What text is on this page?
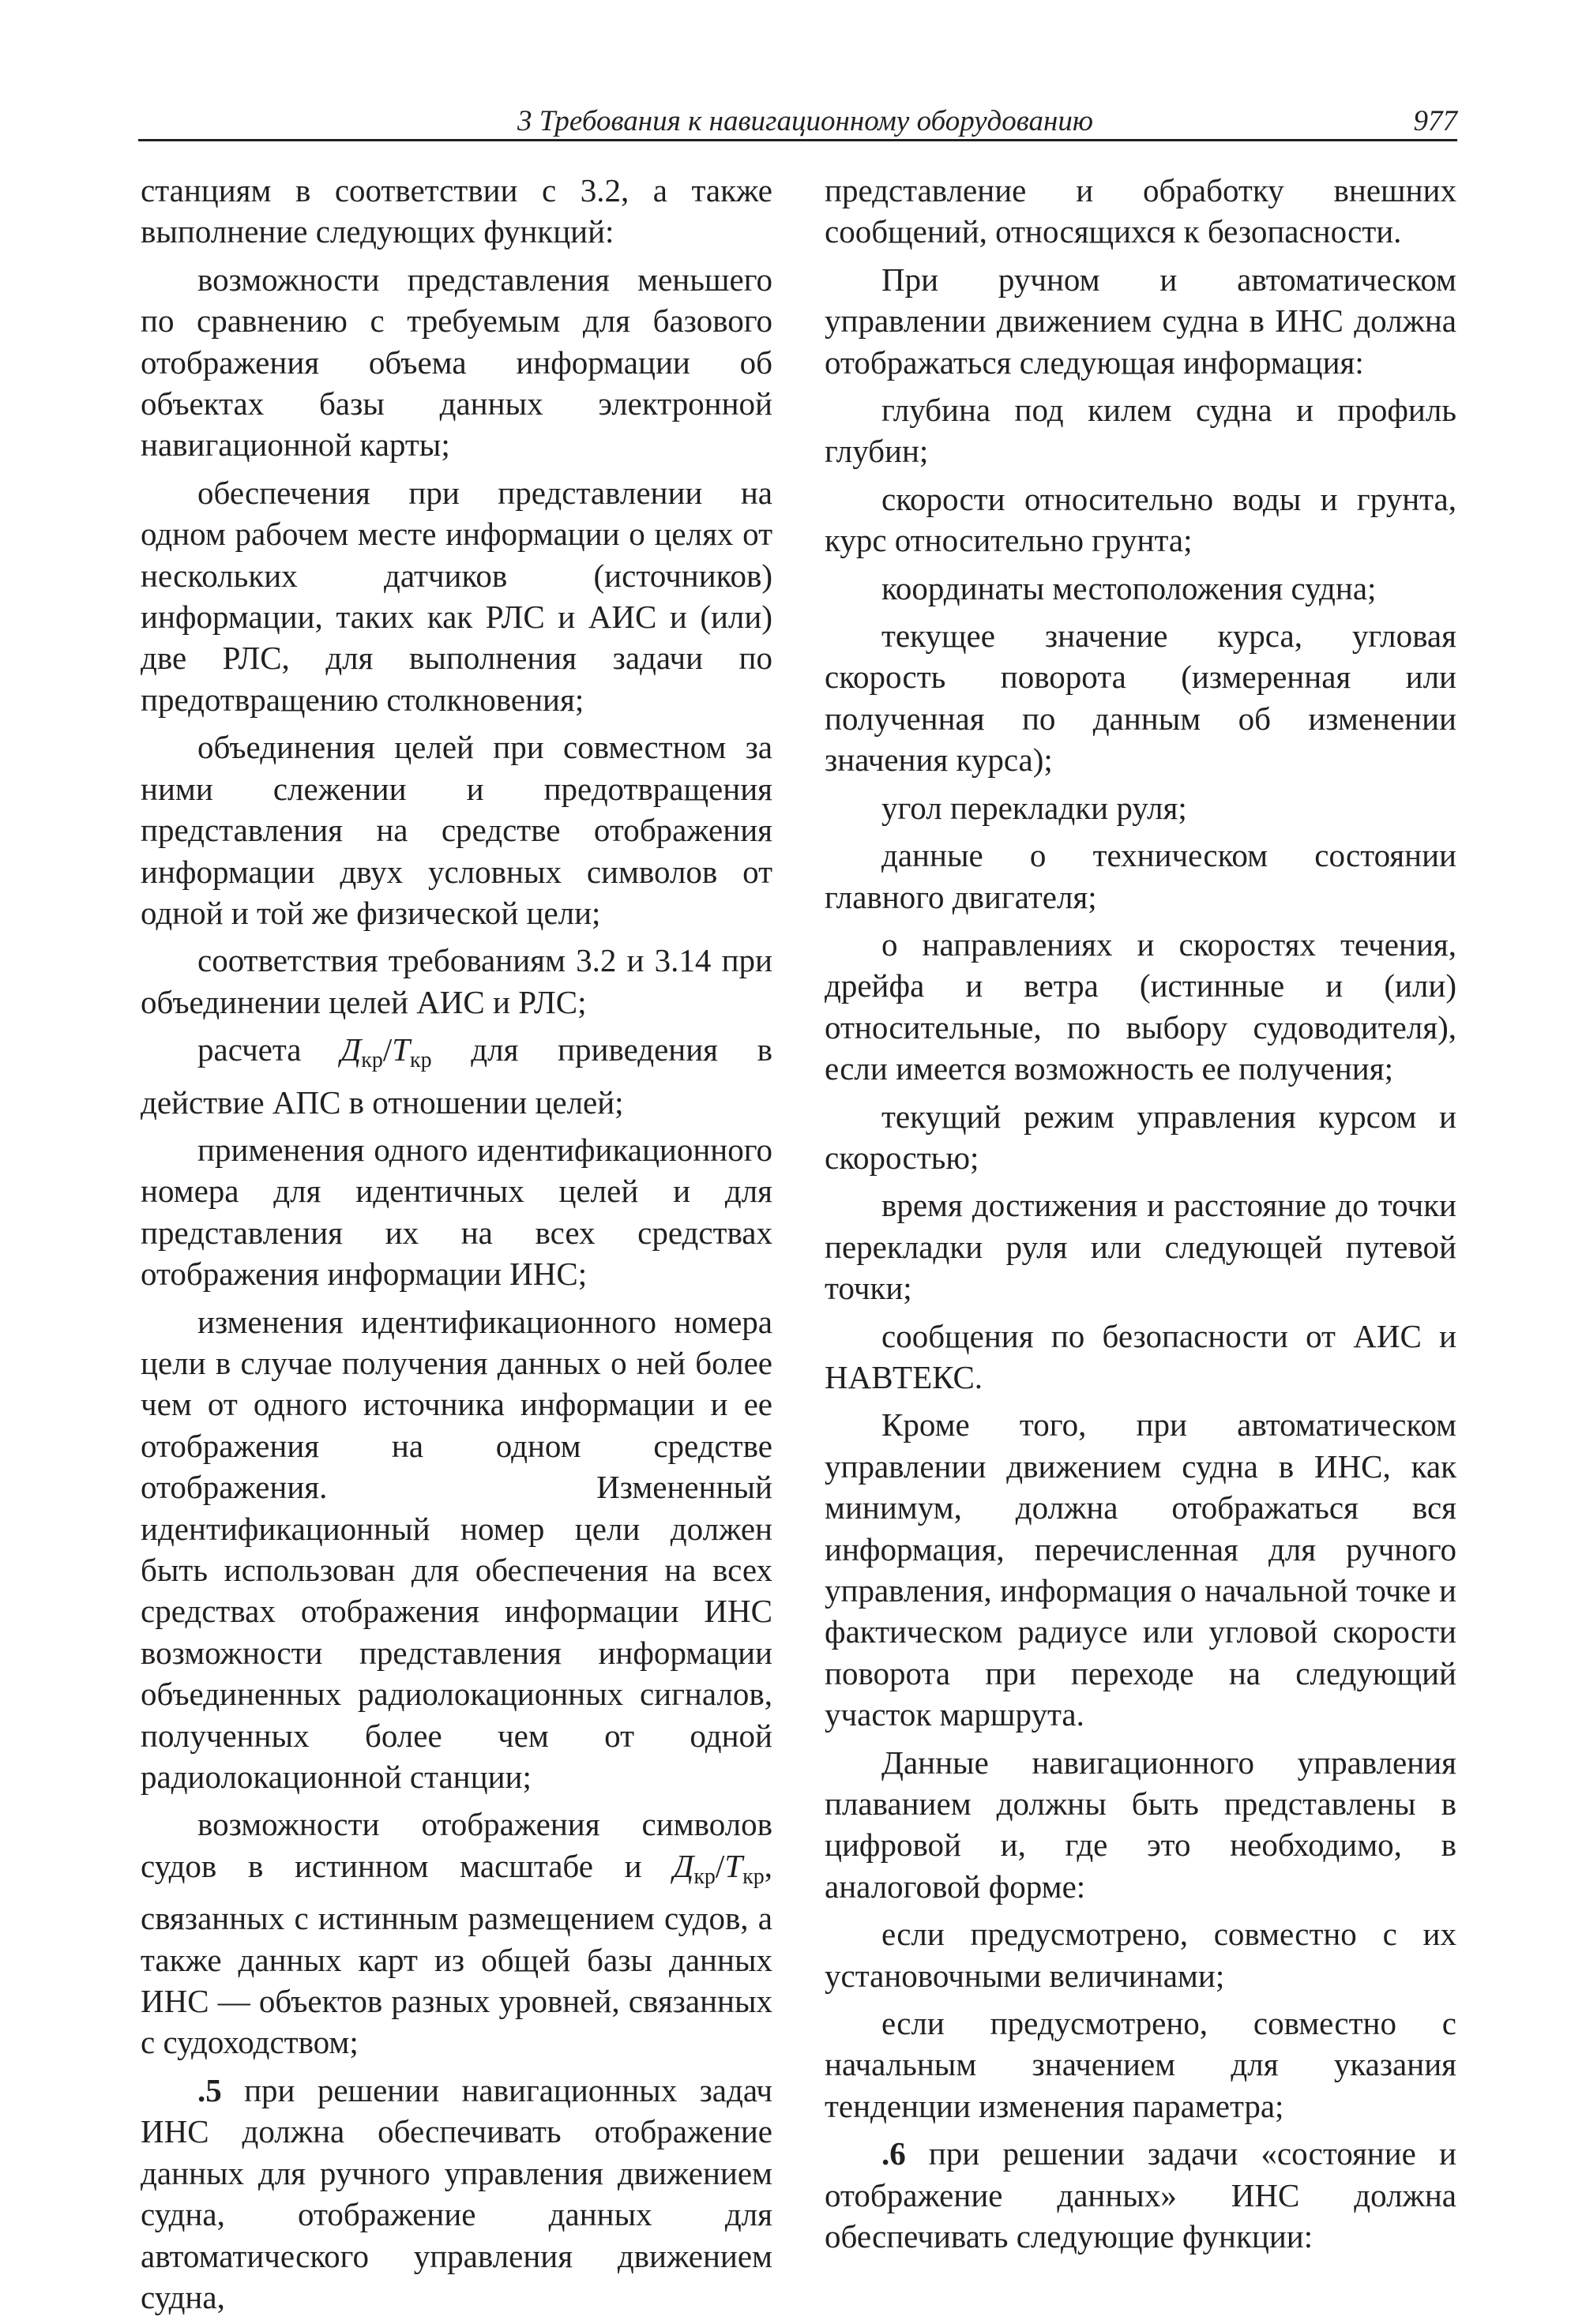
3 Требования к навигационному оборудованию	977

станциям в соответствии с 3.2, а также выполнение следующих функций:

возможности представления меньшего по сравнению с требуемым для базового отображения объема информации об объектах базы данных электронной навигационной карты;

обеспечения при представлении на одном рабочем месте информации о целях от нескольких датчиков (источников) информации, таких как РЛС и АИС и (или) две РЛС, для выполнения задачи по предотвращению столкновения;

объединения целей при совместном за ними слежении и предотвращения представления на средстве отображения информации двух условных символов от одной и той же физической цели;

соответствия требованиям 3.2 и 3.14 при объединении целей АИС и РЛС;

расчета $Д_{кр}/Т_{кр}$ для приведения в действие АПС в отношении целей;

применения одного идентификационного номера для идентичных целей и для представления их на всех средствах отображения информации ИНС;

изменения идентификационного номера цели в случае получения данных о ней более чем от одного источника информации и ее отображения на одном средстве отображения. Измененный идентификационный номер цели должен быть использован для обеспечения на всех средствах отображения информации ИНС возможности представления информации объединенных радиолокационных сигналов, полученных более чем от одной радиолокационной станции;

возможности отображения символов судов в истинном масштабе и $Д_{кр}/Т_{кр}$, связанных с истинным размещением судов, а также данных карт из общей базы данных ИНС — объектов разных уровней, связанных с судоходством;

.5 при решении навигационных задач ИНС должна обеспечивать отображение данных для ручного управления движением судна, отображение данных для автоматического управления движением судна,

представление и обработку внешних сообщений, относящихся к безопасности.

При ручном и автоматическом управлении движением судна в ИНС должна отображаться следующая информация:

глубина под килем судна и профиль глубин;

скорости относительно воды и грунта, курс относительно грунта;

координаты местоположения судна;

текущее значение курса, угловая скорость поворота (измеренная или полученная по данным об изменении значения курса);

угол перекладки руля;

данные о техническом состоянии главного двигателя;

о направлениях и скоростях течения, дрейфа и ветра (истинные и (или) относительные, по выбору судоводителя), если имеется возможность ее получения;

текущий режим управления курсом и скоростью;

время достижения и расстояние до точки перекладки руля или следующей путевой точки;

сообщения по безопасности от АИС и НАВТЕКС.

Кроме того, при автоматическом управлении движением судна в ИНС, как минимум, должна отображаться вся информация, перечисленная для ручного управления, информация о начальной точке и фактическом радиусе или угловой скорости поворота при переходе на следующий участок маршрута.

Данные навигационного управления плаванием должны быть представлены в цифровой и, где это необходимо, в аналоговой форме:

если предусмотрено, совместно с их установочными величинами;

если предусмотрено, совместно с начальным значением для указания тенденции изменения параметра;

.6 при решении задачи «состояние и отображение данных» ИНС должна обеспечивать следующие функции:
